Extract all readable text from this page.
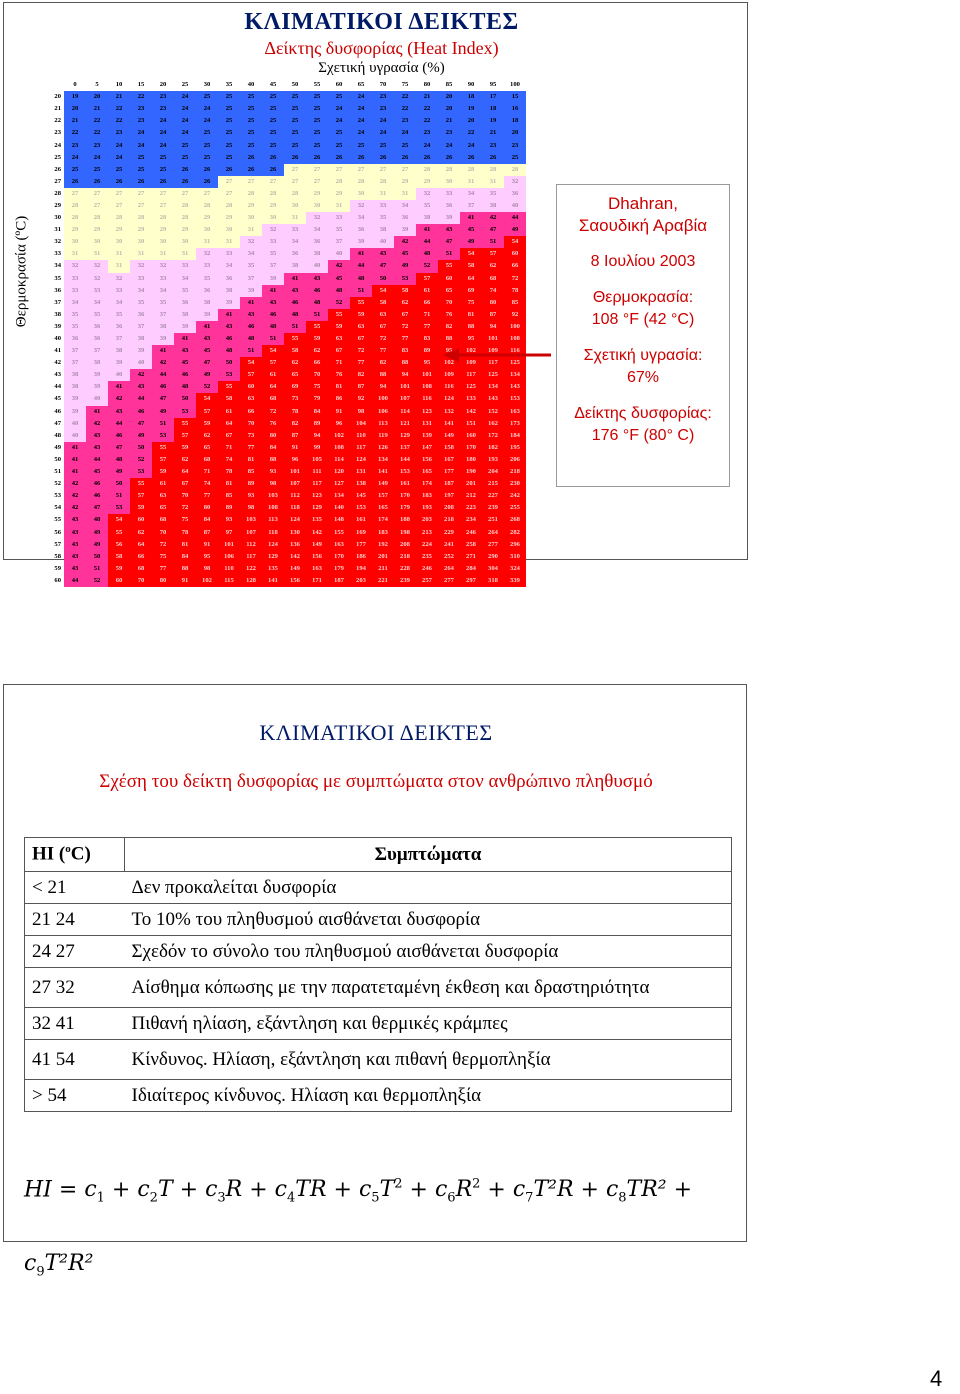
ΚΛΙΜΑΤΙΚΟΙ ΔΕΙΚΤΕΣ
Δείκτης δυσφορίας (Heat Index)
Σχετική υγρασία (%)
Θερμοκρασία (ºC)
	0	5	10	15	20	25	30	35	40	45	50	55	60	65	70	75	80	85	90	95	100
20	19	20	21	22	23	24	25	25	25	25	25	25	25	24	23	22	21	20	18	17	15
21	20	21	22	23	23	24	24	25	25	25	25	25	24	24	23	22	22	20	19	18	16
22	21	22	22	23	24	24	24	25	25	25	25	25	24	24	24	23	22	21	20	19	18
23	22	22	23	24	24	24	25	25	25	25	25	25	25	24	24	24	23	23	22	21	20
24	23	23	24	24	24	25	25	25	25	25	25	25	25	25	25	25	24	24	24	23	23
25	24	24	24	25	25	25	25	25	26	26	26	26	26	26	26	26	26	26	26	26	25
26	25	25	25	25	25	26	26	26	26	26	27	27	27	27	27	27	28	28	28	28	28
27	26	26	26	26	26	26	26	27	27	27	27	27	28	28	28	29	29	30	31	31	32
28	27	27	27	27	27	27	27	27	28	28	28	29	29	30	31	31	32	33	34	35	36
29	28	27	27	27	27	28	28	28	29	29	30	30	31	32	33	34	35	36	37	38	40
30	28	28	28	28	28	28	29	29	30	30	31	32	33	34	35	36	38	39	41	42	44
31	29	29	29	29	29	29	30	30	31	32	33	34	35	36	38	39	41	43	45	47	49
32	30	30	30	30	30	30	31	31	32	33	34	36	37	39	40	42	44	47	49	51	54
33	31	31	31	31	31	31	32	33	34	35	36	38	40	41	43	45	48	51	54	57	60
34	32	32	31	32	32	33	33	34	35	37	38	40	42	44	47	49	52	55	58	62	66
35	33	32	32	33	33	34	35	36	37	39	41	43	45	48	50	53	57	60	64	68	72
36	33	33	33	34	34	35	36	38	39	41	43	46	48	51	54	58	61	65	69	74	78
37	34	34	34	35	35	36	38	39	41	43	46	48	52	55	58	62	66	70	75	80	85
38	35	35	35	36	37	38	39	41	43	46	48	51	55	59	63	67	71	76	81	87	92
39	35	36	36	37	38	39	41	43	46	48	51	55	59	63	67	72	77	82	88	94	100
40	36	36	37	38	39	41	43	46	48	51	55	59	63	67	72	77	83	88	95	101	108
41	37	37	38	39	41	43	45	48	51	54	58	62	67	72	77	83	89	95	102	109	116
42	37	38	39	40	42	45	47	50	54	57	62	66	71	77	82	88	95	102	109	117	125
43	38	39	40	42	44	46	49	53	57	61	65	70	76	82	88	94	101	109	117	125	134
44	38	39	41	43	46	48	52	55	60	64	69	75	81	87	94	101	108	116	125	134	143
45	39	40	42	44	47	50	54	58	63	68	73	79	86	92	100	107	116	124	133	143	153
46	39	41	43	46	49	53	57	61	66	72	78	84	91	98	106	114	123	132	142	152	163
47	40	42	44	47	51	55	59	64	70	76	82	89	96	104	113	121	131	141	151	162	173
48	40	43	46	49	53	57	62	67	73	80	87	94	102	110	119	129	139	149	160	172	184
49	41	43	47	50	55	59	65	71	77	84	91	99	108	117	126	137	147	158	170	182	195
50	41	44	48	52	57	62	68	74	81	88	96	105	114	124	134	144	156	167	180	193	206
51	41	45	49	53	59	64	71	78	85	93	101	111	120	131	141	153	165	177	190	204	218
52	42	46	50	55	61	67	74	81	89	98	107	117	127	138	149	161	174	187	201	215	230
53	42	46	51	57	63	70	77	85	93	103	112	123	134	145	157	170	183	197	212	227	242
54	42	47	53	59	65	72	80	89	98	108	118	129	140	153	165	179	193	208	223	239	255
55	43	48	54	60	68	75	84	93	103	113	124	135	148	161	174	188	203	218	234	251	268
56	43	49	55	62	70	78	87	97	107	118	130	142	155	169	183	198	213	229	246	264	282
57	43	49	56	64	72	81	91	101	112	124	136	149	163	177	192	208	224	241	258	277	296
58	43	50	58	66	75	84	95	106	117	129	142	156	170	186	201	218	235	252	271	290	310
59	43	51	59	68	77	88	98	110	122	135	149	163	179	194	211	228	246	264	284	304	324
60	44	52	60	70	80	91	102	115	128	141	156	171	187	203	221	239	257	277	297	318	339
Dhahran,
Σαουδική Αραβία
8 Ιουλίου 2003
Θερμοκρασία:
108 °F (42 °C)
Σχετική υγρασία:
67%
Δείκτης δυσφορίας:
176 °F (80° C)
ΚΛΙΜΑΤΙΚΟΙ ΔΕΙΚΤΕΣ
Σχέση του δείκτη δυσφορίας με συμπτώματα στον ανθρώπινο πληθυσμό
HI ($^o$C)	Συμπτώματα
< 21	Δεν προκαλείται δυσφορία
21 24	Το 10% του πληθυσμού αισθάνεται δυσφορία
24 27	Σχεδόν το σύνολο του πληθυσμού αισθάνεται δυσφορία
27 32	Αίσθημα κόπωσης με την παρατεταμένη έκθεση και δραστηριότητα
32 41	Πιθανή ηλίαση, εξάντληση και θερμικές κράμπες
41 54	Κίνδυνος. Ηλίαση, εξάντληση και πιθανή θερμοπληξία
> 54	Ιδιαίτερος κίνδυνος. Ηλίαση και θερμοπληξία
HI = $c_1 + c_2T + c_3R + c_4TR + c_5T^2 + c_6R^2 + c_7T^2R + c_8TR^2 + c_9T^2R^2$
4
